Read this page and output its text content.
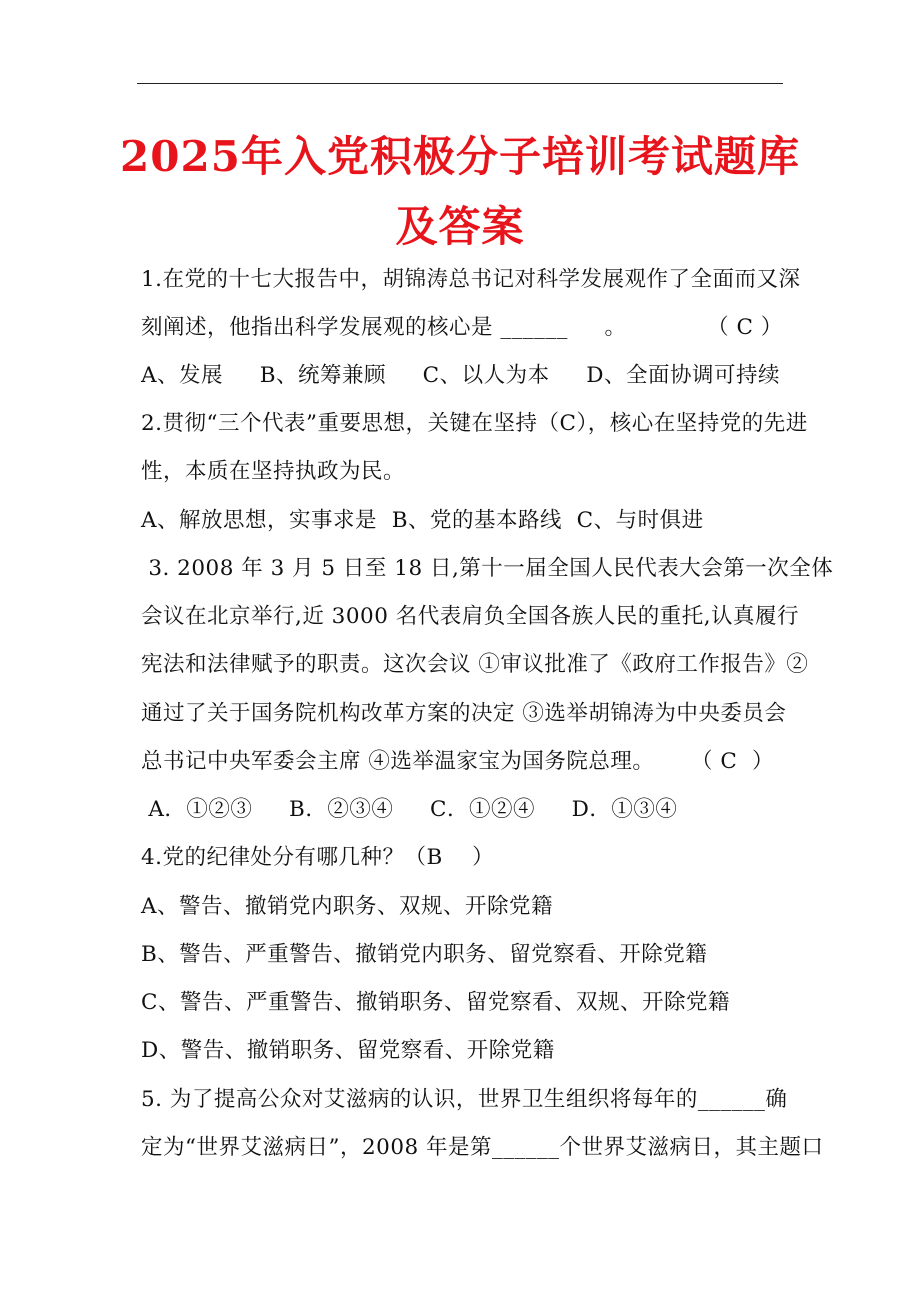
2025年入党积极分子培训考试题库
及答案
1.在党的十七大报告中，胡锦涛总书记对科学发展观作了全面而又深
刻阐述，他指出科学发展观的核心是 ______     。           （ C ）
A、发展     B、统筹兼顾     C、以人为本     D、全面协调可持续
2.贯彻“三个代表”重要思想，关键在坚持（C），核心在坚持党的先进
性，本质在坚持执政为民。
A、解放思想，实事求是  B、党的基本路线  C、与时俱进
3. 2008 年 3 月 5 日至 18 日,第十一届全国人民代表大会第一次全体
会议在北京举行,近 3000 名代表肩负全国各族人民的重托,认真履行
宪法和法律赋予的职责。这次会议 ①审议批准了《政府工作报告》②
通过了关于国务院机构改革方案的决定 ③选举胡锦涛为中央委员会
总书记中央军委会主席 ④选举温家宝为国务院总理。     （ C  ）
A．①②③     B．②③④     C．①②④     D．①③④
4.党的纪律处分有哪几种？（B    ）
A、警告、撤销党内职务、双规、开除党籍
B、警告、严重警告、撤销党内职务、留党察看、开除党籍
C、警告、严重警告、撤销职务、留党察看、双规、开除党籍
D、警告、撤销职务、留党察看、开除党籍
5. 为了提高公众对艾滋病的认识，世界卫生组织将每年的______确
定为“世界艾滋病日”，2008 年是第______个世界艾滋病日，其主题口
